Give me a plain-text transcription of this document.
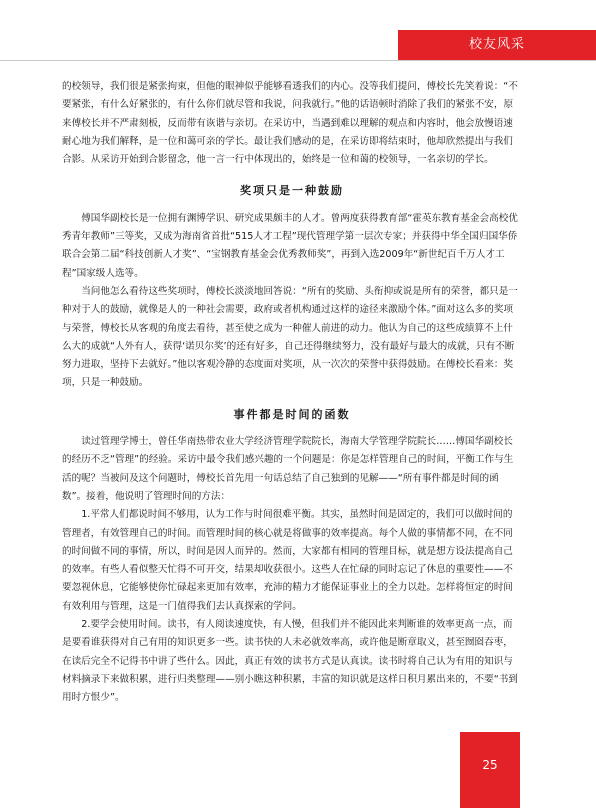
校友风采

的校领导，我们很是紧张拘束，但他的眼神似乎能够看透我们的内心。没等我们提问，傅校长先笑着说：“不要紧张，有什么好紧张的，有什么你们就尽管和我说，问我就行。”他的话语顿时消除了我们的紧张不安，原来傅校长并不严肃刻板，反而带有诙谐与亲切。在采访中，当遇到难以理解的观点和内容时，他会放慢语速耐心地为我们解释，是一位和蔼可亲的学长。最让我们感动的是，在采访即将结束时，他却欣然提出与我们合影。从采访开始到合影留念，他一言一行中体现出的，始终是一位和蔼的校领导，一名亲切的学长。

奖项只是一种鼓励

傅国华副校长是一位拥有渊博学识、研究成果颇丰的人才。曾两度获得教育部“霍英东教育基金会高校优秀青年教师”三等奖，又成为海南省首批“515人才工程”现代管理学第一层次专家；并获得中华全国归国华侨联合会第二届“科技创新人才奖”、“宝钢教育基金会优秀教师奖”，再到入选2009年“新世纪百千万人才工程”国家级人选等。

当问他怎么看待这些奖项时，傅校长淡淡地回答说：“所有的奖励、头衔抑或说是所有的荣誉，都只是一种对于人的鼓励，就像是人的一种社会需要，政府或者机构通过这样的途径来激励个体。”面对这么多的奖项与荣誉，傅校长从客观的角度去看待，甚至使之成为一种催人前进的动力。他认为自己的这些成绩算不上什么大的成就“人外有人，获得‘诺贝尔奖’的还有好多，自己还得继续努力，没有最好与最大的成就，只有不断努力进取，坚持下去就好。”他以客观冷静的态度面对奖项，从一次次的荣誉中获得鼓励。在傅校长看来：奖项，只是一种鼓励。

事件都是时间的函数

读过管理学博士，曾任华南热带农业大学经济管理学院院长，海南大学管理学院院长……傅国华副校长的经历不乏“管理”的经验。采访中最令我们感兴趣的一个问题是：你是怎样管理自己的时间，平衡工作与生活的呢？当被问及这个问题时，傅校长首先用一句话总结了自己独到的见解——“所有事件都是时间的函数”。接着，他说明了管理时间的方法：

1.平常人们都说时间不够用，认为工作与时间很难平衡。其实，虽然时间是固定的，我们可以做时间的管理者，有效管理自己的时间。而管理时间的核心就是将做事的效率提高。每个人做的事情都不同，在不同的时间做不同的事情，所以，时间是因人而异的。然而，大家都有相同的管理目标，就是想方设法提高自己的效率。有些人看似整天忙得不可开交，结果却收获很小。这些人在忙碌的同时忘记了休息的重要性——不要忽视休息，它能够使你忙碌起来更加有效率，充沛的精力才能保证事业上的全力以赴。怎样将恒定的时间有效利用与管理，这是一门值得我们去认真探索的学问。

2.要学会使用时间。读书，有人阅读速度快，有人慢，但我们并不能因此来判断谁的效率更高一点，而是要看谁获得对自己有用的知识更多一些。读书快的人未必就效率高，或许他是断章取义，甚至囫囵吞枣，在读后完全不记得书中讲了些什么。因此，真正有效的读书方式是认真读。读书时将自己认为有用的知识与材料摘录下来做积累，进行归类整理——别小瞧这种积累，丰富的知识就是这样日积月累出来的，不要“书到用时方恨少”。

25
